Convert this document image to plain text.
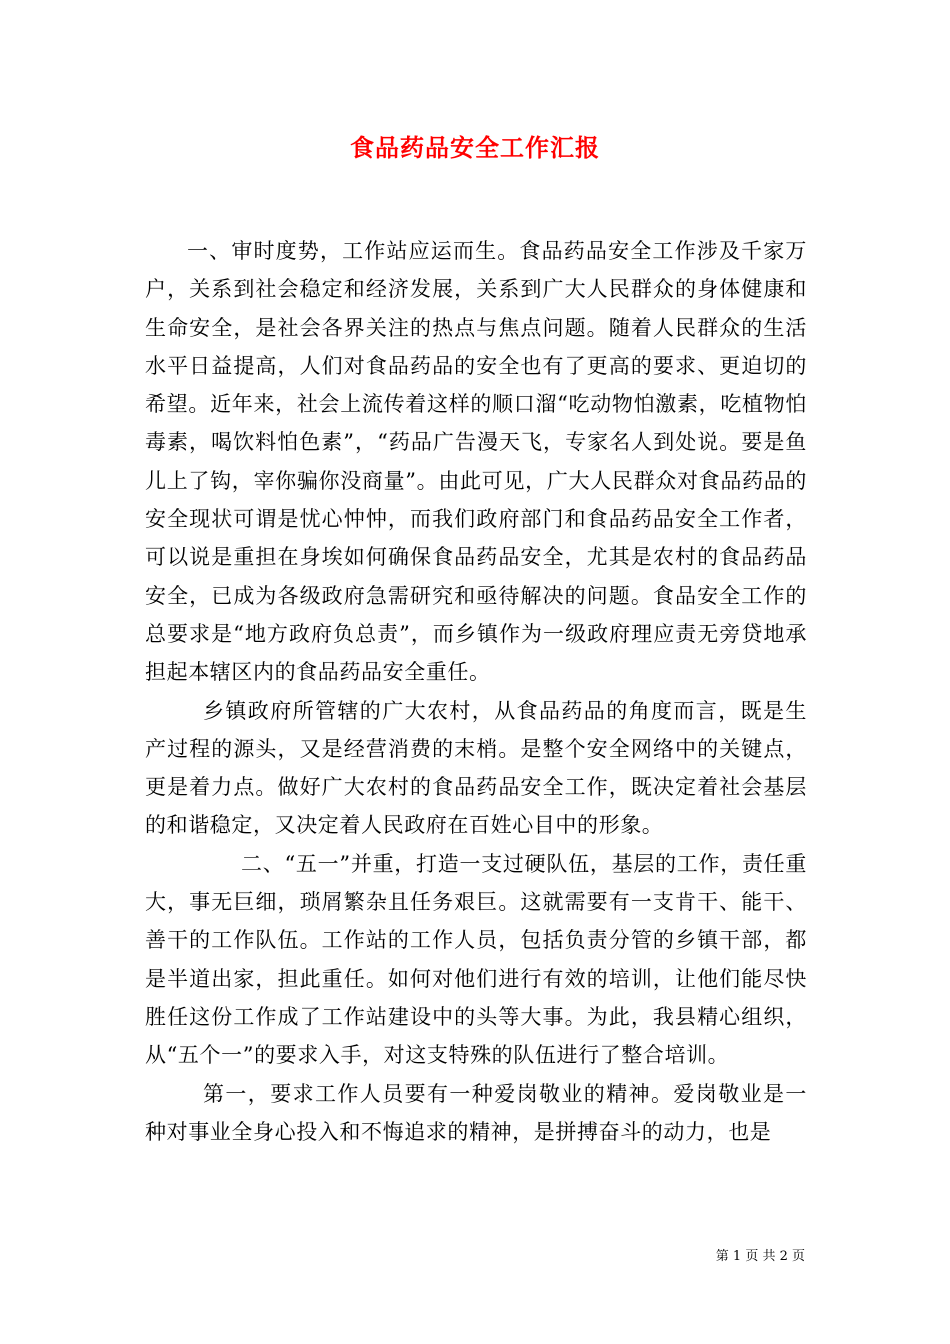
食品药品安全工作汇报

一、审时度势，工作站应运而生。食品药品安全工作涉及千家万户，关系到社会稳定和经济发展，关系到广大人民群众的身体健康和生命安全，是社会各界关注的热点与焦点问题。随着人民群众的生活水平日益提高，人们对食品药品的安全也有了更高的要求、更迫切的希望。近年来，社会上流传着这样的顺口溜“吃动物怕激素，吃植物怕毒素，喝饮料怕色素”，“药品广告漫天飞，专家名人到处说。要是鱼儿上了钩，宰你骗你没商量”。由此可见，广大人民群众对食品药品的安全现状可谓是忧心忡忡，而我们政府部门和食品药品安全工作者，可以说是重担在身埃如何确保食品药品安全，尤其是农村的食品药品安全，已成为各级政府急需研究和亟待解决的问题。食品安全工作的总要求是“地方政府负总责”，而乡镇作为一级政府理应责无旁贷地承担起本辖区内的食品药品安全重任。

乡镇政府所管辖的广大农村，从食品药品的角度而言，既是生产过程的源头，又是经营消费的末梢。是整个安全网络中的关键点，更是着力点。做好广大农村的食品药品安全工作，既决定着社会基层的和谐稳定，又决定着人民政府在百姓心目中的形象。

二、“五一”并重，打造一支过硬队伍，基层的工作，责任重大，事无巨细，琐屑繁杂且任务艰巨。这就需要有一支肯干、能干、善干的工作队伍。工作站的工作人员，包括负责分管的乡镇干部，都是半道出家，担此重任。如何对他们进行有效的培训，让他们能尽快胜任这份工作成了工作站建设中的头等大事。为此，我县精心组织，从“五个一”的要求入手，对这支特殊的队伍进行了整合培训。

第一，要求工作人员要有一种爱岗敬业的精神。爱岗敬业是一种对事业全身心投入和不悔追求的精神，是拼搏奋斗的动力，也是

第 1 页 共 2 页
